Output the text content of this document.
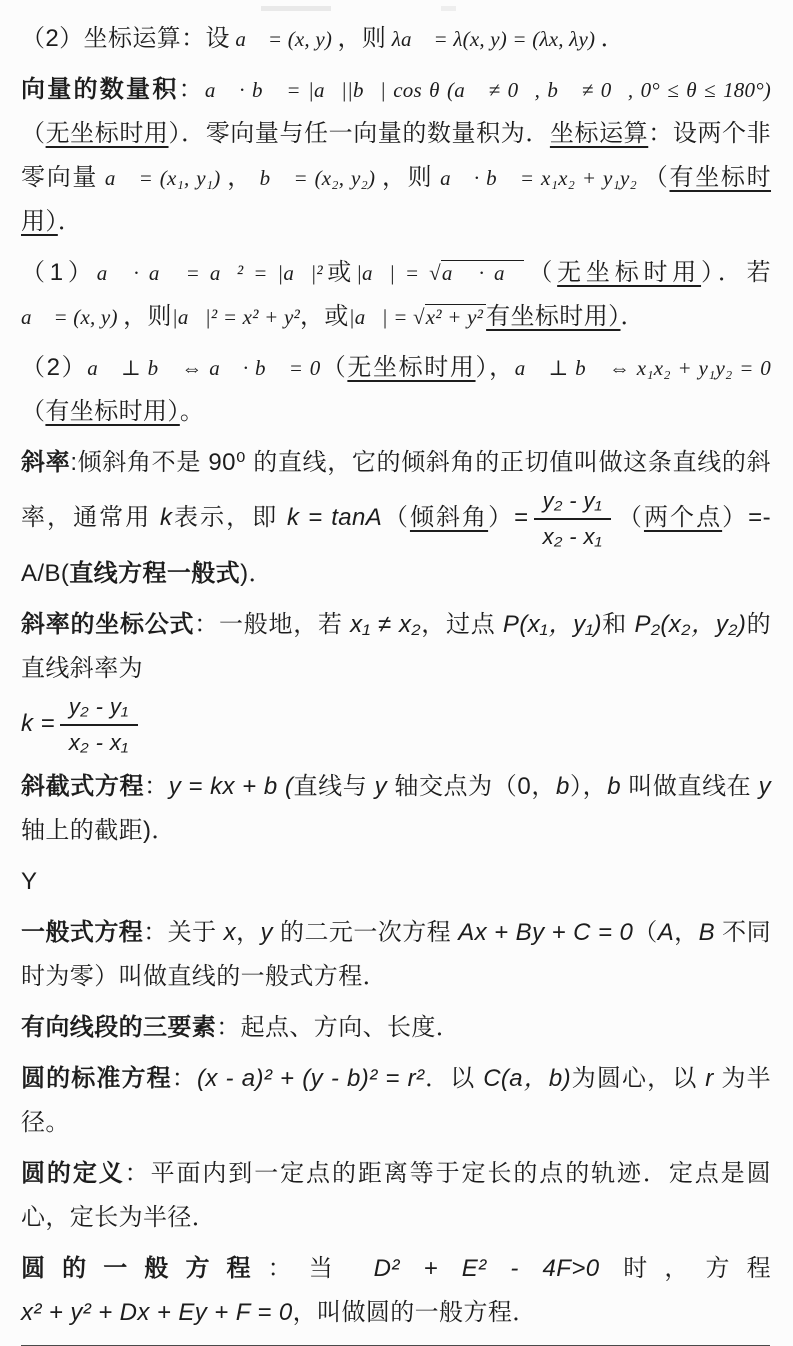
（2）坐标运算：设 a⃗ = (x, y) ，则 λa⃗ = λ(x, y) = (λx, λy) ．

向量的数量积：a⃗ · b⃗ = |a⃗||b⃗| cos θ (a⃗ ≠ 0⃗, b⃗ ≠ 0⃗, 0° ≤ θ ≤ 180°)（无坐标时用）．零向量与任一向量的数量积为．坐标运算：设两个非零向量 a⃗ = (x₁, y₁) ， b⃗ = (x₂, y₂) ，则 a⃗ · b⃗ = x₁x₂ + y₁y₂ （有坐标时用）．

（1）a⃗ · a⃗ = a⃗² = |a⃗|²或|a⃗| = √a⃗ · a⃗ （无坐标时用）．若 a⃗ = (x, y) ，则|a⃗|² = x² + y²，或|a⃗| = √x² + y² 有坐标时用）．

（2）a⃗ ⊥ b⃗ ⇔ a⃗ · b⃗ = 0（无坐标时用），a⃗ ⊥ b⃗ ⇔ x₁x₂ + y₁y₂ = 0（有坐标时用）。

斜率:倾斜角不是 90⁰ 的直线，它的倾斜角的正切值叫做这条直线的斜率，通常用 k表示，即 k = tanA（倾斜角）= $\frac{\text{y₂ - y₁}}{\text{x₂ - x₁}}$ （两个点）=-A/B(直线方程一般式)．

斜率的坐标公式：一般地，若 x₁ ≠ x₂，过点 P(x₁，y₁)和 P₂(x₂，y₂)的直线斜率为
$k = \frac{\text{y₂ - y₁}}{\text{x₂ - x₁}}$

斜截式方程：y = kx + b (直线与 y 轴交点为（0，b），b 叫做直线在 y 轴上的截距)．

Y

一般式方程：关于 x，y 的二元一次方程 Ax + By + C = 0（A，B 不同时为零）叫做直线的一般式方程．

有向线段的三要素：起点、方向、长度．

圆的标准方程：(x - a)² + (y - b)² = r²．以 C(a，b)为圆心，以 r 为半径。

圆的定义：平面内到一定点的距离等于定长的点的轨迹．定点是圆心，定长为半径．

圆的一般方程：当 D² + E² - 4F>0 时，方程 x² + y² + Dx + Ey + F = 0，叫做圆的一般方程．
